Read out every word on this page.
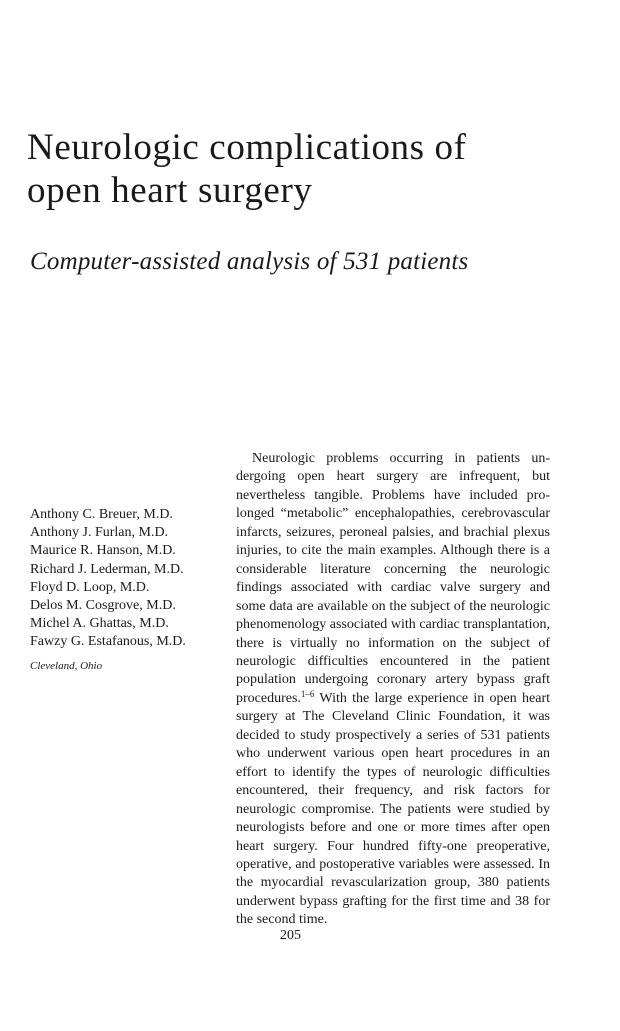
Neurologic complications of
open heart surgery
Computer-assisted analysis of 531 patients
Anthony C. Breuer, M.D.
Anthony J. Furlan, M.D.
Maurice R. Hanson, M.D.
Richard J. Lederman, M.D.
Floyd D. Loop, M.D.
Delos M. Cosgrove, M.D.
Michel A. Ghattas, M.D.
Fawzy G. Estafanous, M.D.
Cleveland, Ohio

Neurologic problems occurring in patients undergoing open heart surgery are infrequent, but nevertheless tangible. Problems have included prolonged “metabolic” encephalopathies, cerebrovascular infarcts, seizures, peroneal palsies, and brachial plexus injuries, to cite the main examples. Although there is a considerable literature concerning the neurologic findings associated with cardiac valve surgery and some data are available on the subject of the neurologic phenomenology associated with cardiac transplantation, there is virtually no information on the subject of neurologic difficulties encountered in the patient population undergoing coronary artery bypass graft procedures.$^{1-6}$ With the large experience in open heart surgery at The Cleveland Clinic Foundation, it was decided to study prospectively a series of 531 patients who underwent various open heart procedures in an effort to identify the types of neurologic difficulties encountered, their frequency, and risk factors for neurologic compromise. The patients were studied by neurologists before and one or more times after open heart surgery. Four hundred fifty-one preoperative, operative, and postoperative variables were assessed. In the myocardial revascularization group, 380 patients underwent bypass grafting for the first time and 38 for the second time.

205
